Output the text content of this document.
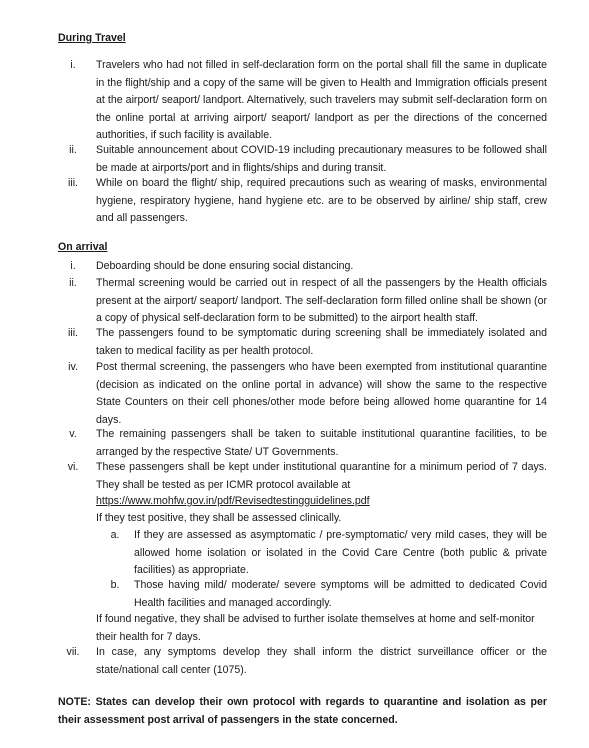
During Travel
i.	Travelers who had not filled in self-declaration form on the portal shall fill the same in duplicate in the flight/ship and a copy of the same will be given to Health and Immigration officials present at the airport/ seaport/ landport. Alternatively, such travelers may submit self-declaration form on the online portal at arriving airport/ seaport/ landport as per the directions of the concerned authorities, if such facility is available.
ii.	Suitable announcement about COVID-19 including precautionary measures to be followed shall be made at airports/port and in flights/ships and during transit.
iii.	While on board the flight/ ship, required precautions such as wearing of masks, environmental hygiene, respiratory hygiene, hand hygiene etc. are to be observed by airline/ ship staff, crew and all passengers.
On arrival
i.	Deboarding should be done ensuring social distancing.
ii.	Thermal screening would be carried out in respect of all the passengers by the Health officials present at the airport/ seaport/ landport. The self-declaration form filled online shall be shown (or a copy of physical self-declaration form to be submitted) to the airport health staff.
iii.	The passengers found to be symptomatic during screening shall be immediately isolated and taken to medical facility as per health protocol.
iv.	Post thermal screening, the passengers who have been exempted from institutional quarantine (decision as indicated on the online portal in advance) will show the same to the respective State Counters on their cell phones/other mode before being allowed home quarantine for 14 days.
v.	The remaining passengers shall be taken to suitable institutional quarantine facilities, to be arranged by the respective State/ UT Governments.
vi.	These passengers shall be kept under institutional quarantine for a minimum period of 7 days. They shall be tested as per ICMR protocol available at
https://www.mohfw.gov.in/pdf/Revisedtestingguidelines.pdf
If they test positive, they shall be assessed clinically.
a.	If they are assessed as asymptomatic / pre-symptomatic/ very mild cases, they will be allowed home isolation or isolated in the Covid Care Centre (both public & private facilities) as appropriate.
b.	Those having mild/ moderate/ severe symptoms will be admitted to dedicated Covid Health facilities and managed accordingly.
If found negative, they shall be advised to further isolate themselves at home and self-monitor their health for 7 days.
vii.	In case, any symptoms develop they shall inform the district surveillance officer or the state/national call center (1075).
NOTE: States can develop their own protocol with regards to quarantine and isolation as per their assessment post arrival of passengers in the state concerned.
